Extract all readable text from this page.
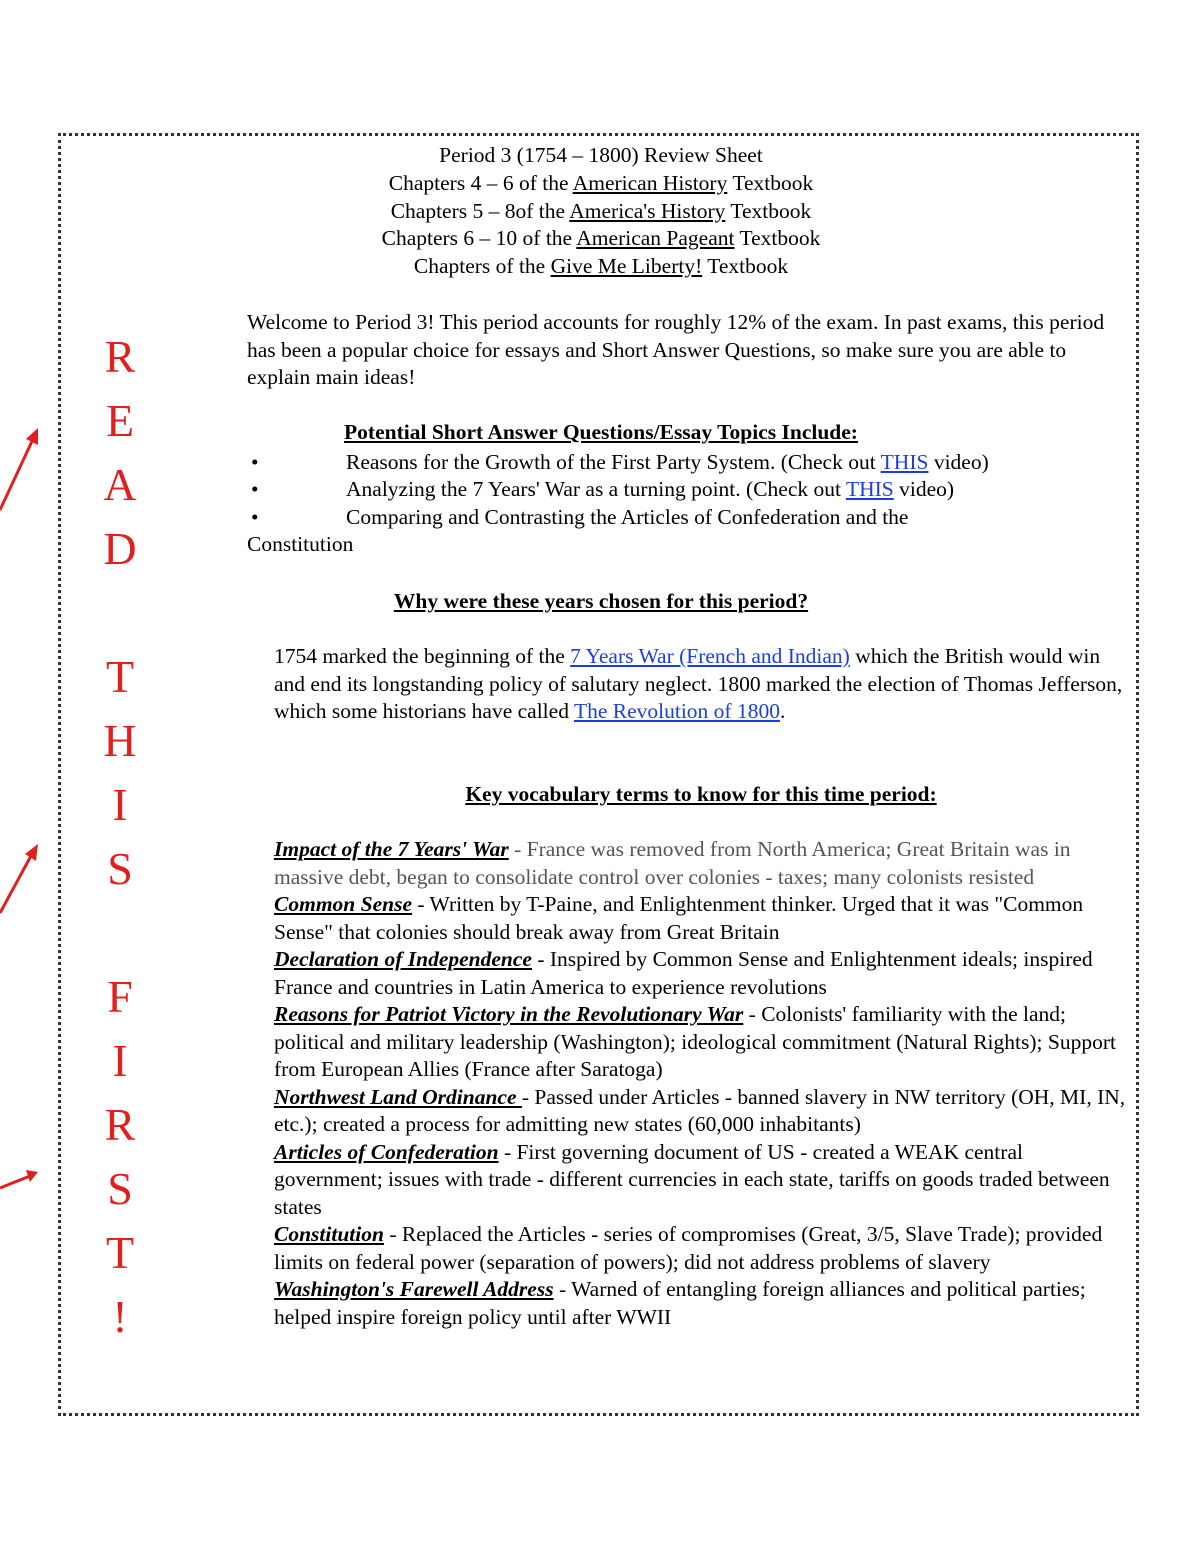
R
E
A
D
T
H
I
S
F
I
R
S
T
!
Period 3 (1754 – 1800) Review Sheet
Chapters 4 – 6 of the American History Textbook
Chapters 5 – 8of the America's History Textbook
Chapters 6 – 10 of the American Pageant Textbook
Chapters of the Give Me Liberty! Textbook
Welcome to Period 3! This period accounts for roughly 12% of the exam. In past exams, this period has been a popular choice for essays and Short Answer Questions, so make sure you are able to explain main ideas!
Potential Short Answer Questions/Essay Topics Include:
•	Reasons for the Growth of the First Party System. (Check out THIS video)
•	Analyzing the 7 Years' War as a turning point. (Check out THIS video)
•	Comparing and Contrasting the Articles of Confederation and the
Constitution
Why were these years chosen for this period?
1754 marked the beginning of the 7 Years War (French and Indian) which the British would win and end its longstanding policy of salutary neglect. 1800 marked the election of Thomas Jefferson, which some historians have called The Revolution of 1800.
Key vocabulary terms to know for this time period:
Impact of the 7 Years' War - France was removed from North America; Great Britain was in massive debt, began to consolidate control over colonies - taxes; many colonists resisted
Common Sense - Written by T-Paine, and Enlightenment thinker. Urged that it was "Common Sense" that colonies should break away from Great Britain
Declaration of Independence - Inspired by Common Sense and Enlightenment ideals; inspired France and countries in Latin America to experience revolutions
Reasons for Patriot Victory in the Revolutionary War - Colonists' familiarity with the land; political and military leadership (Washington); ideological commitment (Natural Rights); Support from European Allies (France after Saratoga)
Northwest Land Ordinance - Passed under Articles - banned slavery in NW territory (OH, MI, IN, etc.); created a process for admitting new states (60,000 inhabitants)
Articles of Confederation - First governing document of US - created a WEAK central government; issues with trade - different currencies in each state, tariffs on goods traded between states
Constitution - Replaced the Articles - series of compromises (Great, 3/5, Slave Trade); provided limits on federal power (separation of powers); did not address problems of slavery
Washington's Farewell Address - Warned of entangling foreign alliances and political parties; helped inspire foreign policy until after WWII
